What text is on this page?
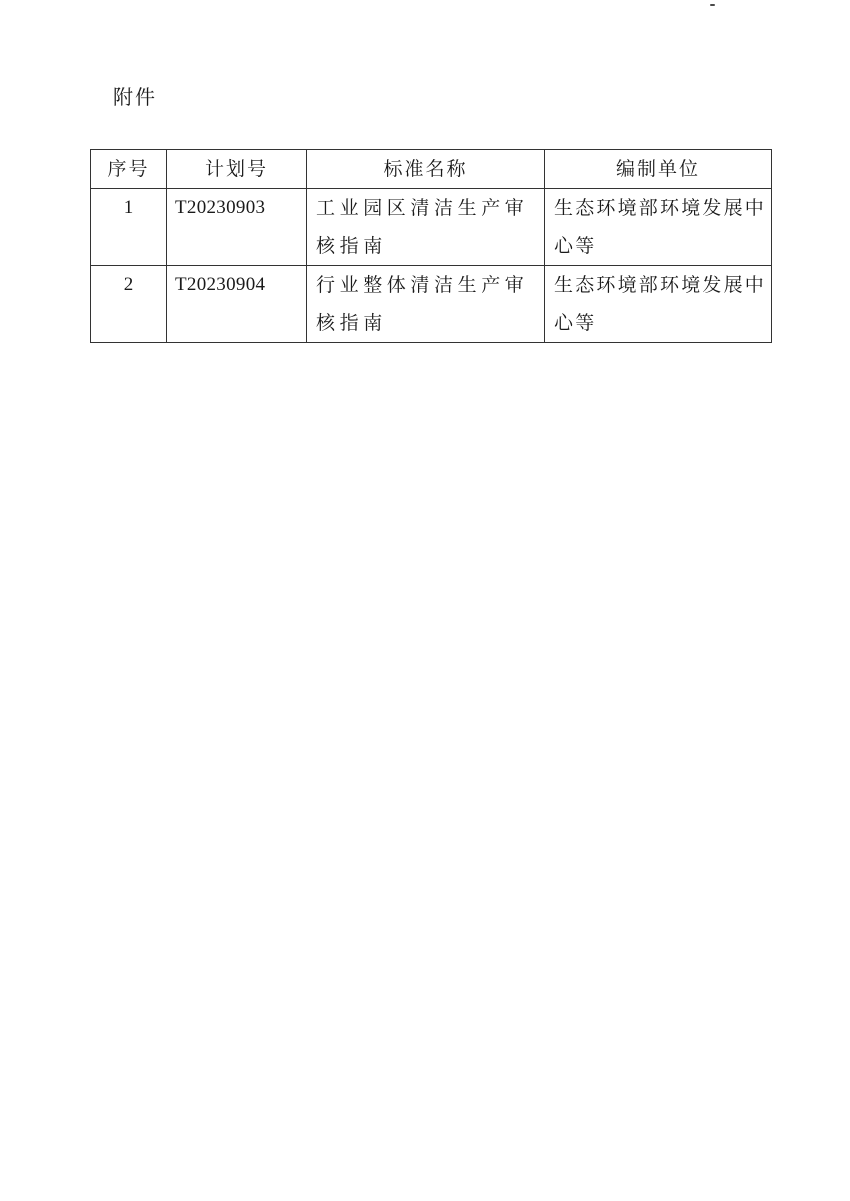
附件
序号	计划号	标准名称	编制单位
1	T20230903	工业园区清洁生产审核指南	生态环境部环境发展中心等
2	T20230904	行业整体清洁生产审核指南	生态环境部环境发展中心等
